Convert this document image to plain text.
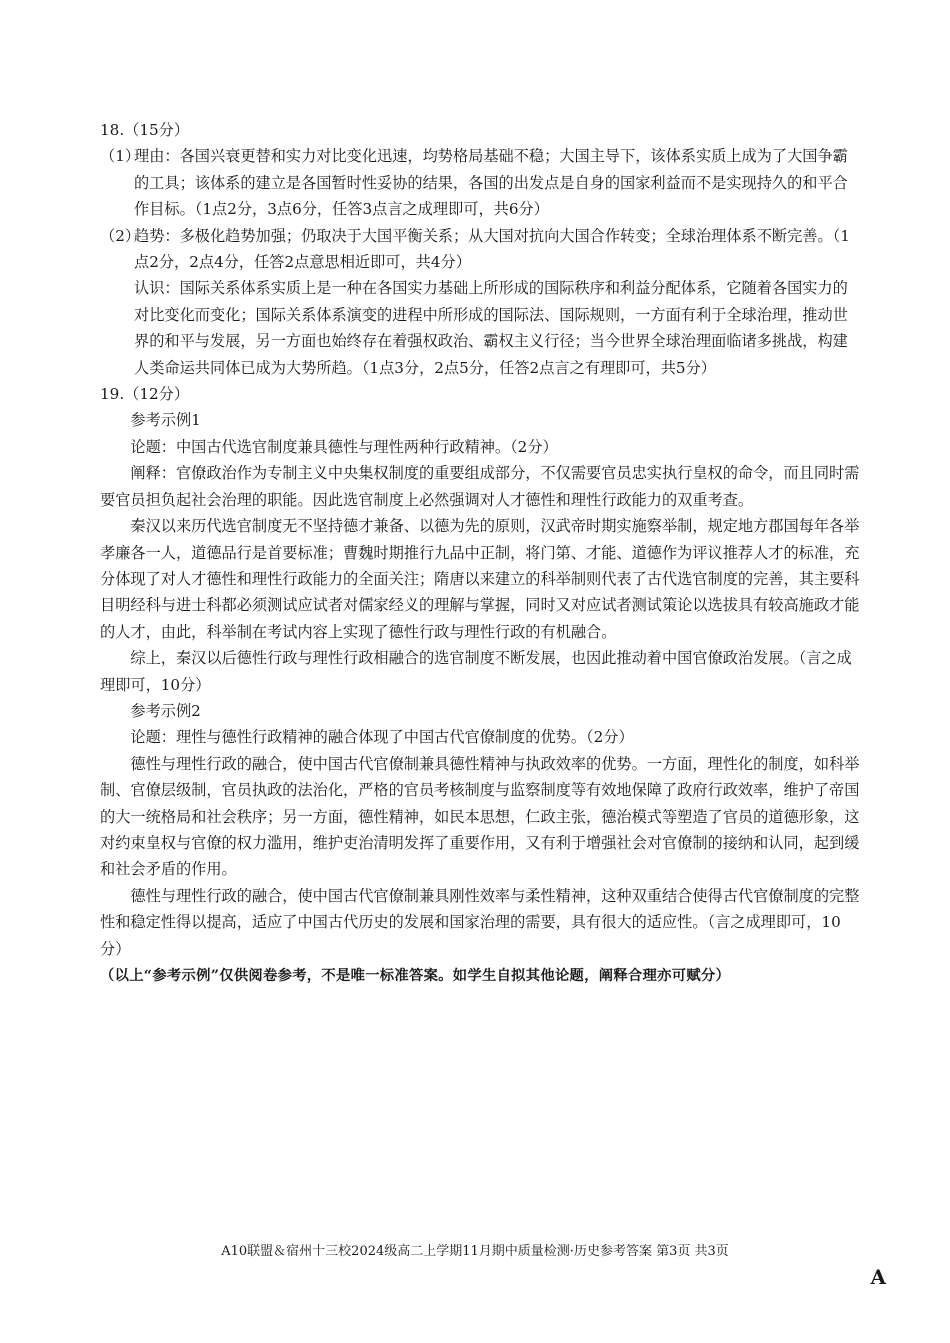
18.（15分）

（1）

理由：各国兴衰更替和实力对比变化迅速，均势格局基础不稳；大国主导下，该体系实质上成为了大国争霸的工具；该体系的建立是各国暂时性妥协的结果，各国的出发点是自身的国家利益而不是实现持久的和平合作目标。（1点2分，3点6分，任答3点言之成理即可，共6分）

（2）

趋势：多极化趋势加强；仍取决于大国平衡关系；从大国对抗向大国合作转变；全球治理体系不断完善。（1点2分，2点4分，任答2点意思相近即可，共4分）

认识：国际关系体系实质上是一种在各国实力基础上所形成的国际秩序和利益分配体系，它随着各国实力的对比变化而变化；国际关系体系演变的进程中所形成的国际法、国际规则，一方面有利于全球治理，推动世界的和平与发展，另一方面也始终存在着强权政治、霸权主义行径；当今世界全球治理面临诸多挑战，构建人类命运共同体已成为大势所趋。（1点3分，2点5分，任答2点言之有理即可，共5分）

19.（12分）

参考示例1

论题：中国古代选官制度兼具德性与理性两种行政精神。（2分）

阐释：官僚政治作为专制主义中央集权制度的重要组成部分，不仅需要官员忠实执行皇权的命令，而且同时需要官员担负起社会治理的职能。因此选官制度上必然强调对人才德性和理性行政能力的双重考查。

秦汉以来历代选官制度无不坚持德才兼备、以德为先的原则，汉武帝时期实施察举制，规定地方郡国每年各举孝廉各一人，道德品行是首要标准；曹魏时期推行九品中正制，将门第、才能、道德作为评议推荐人才的标准，充分体现了对人才德性和理性行政能力的全面关注；隋唐以来建立的科举制则代表了古代选官制度的完善，其主要科目明经科与进士科都必须测试应试者对儒家经义的理解与掌握，同时又对应试者测试策论以选拔具有较高施政才能的人才，由此，科举制在考试内容上实现了德性行政与理性行政的有机融合。

综上，秦汉以后德性行政与理性行政相融合的选官制度不断发展，也因此推动着中国官僚政治发展。（言之成理即可，10分）

参考示例2

论题：理性与德性行政精神的融合体现了中国古代官僚制度的优势。（2分）

德性与理性行政的融合，使中国古代官僚制兼具德性精神与执政效率的优势。一方面，理性化的制度，如科举制、官僚层级制，官员执政的法治化，严格的官员考核制度与监察制度等有效地保障了政府行政效率，维护了帝国的大一统格局和社会秩序；另一方面，德性精神，如民本思想，仁政主张，德治模式等塑造了官员的道德形象，这对约束皇权与官僚的权力滥用，维护吏治清明发挥了重要作用，又有利于增强社会对官僚制的接纳和认同，起到缓和社会矛盾的作用。

德性与理性行政的融合，使中国古代官僚制兼具刚性效率与柔性精神，这种双重结合使得古代官僚制度的完整性和稳定性得以提高，适应了中国古代历史的发展和国家治理的需要，具有很大的适应性。（言之成理即可，10分）

（以上“参考示例”仅供阅卷参考，不是唯一标准答案。如学生自拟其他论题，阐释合理亦可赋分）

A10联盟＆宿州十三校2024级高二上学期11月期中质量检测·历史参考答案 第3页 共3页
A
